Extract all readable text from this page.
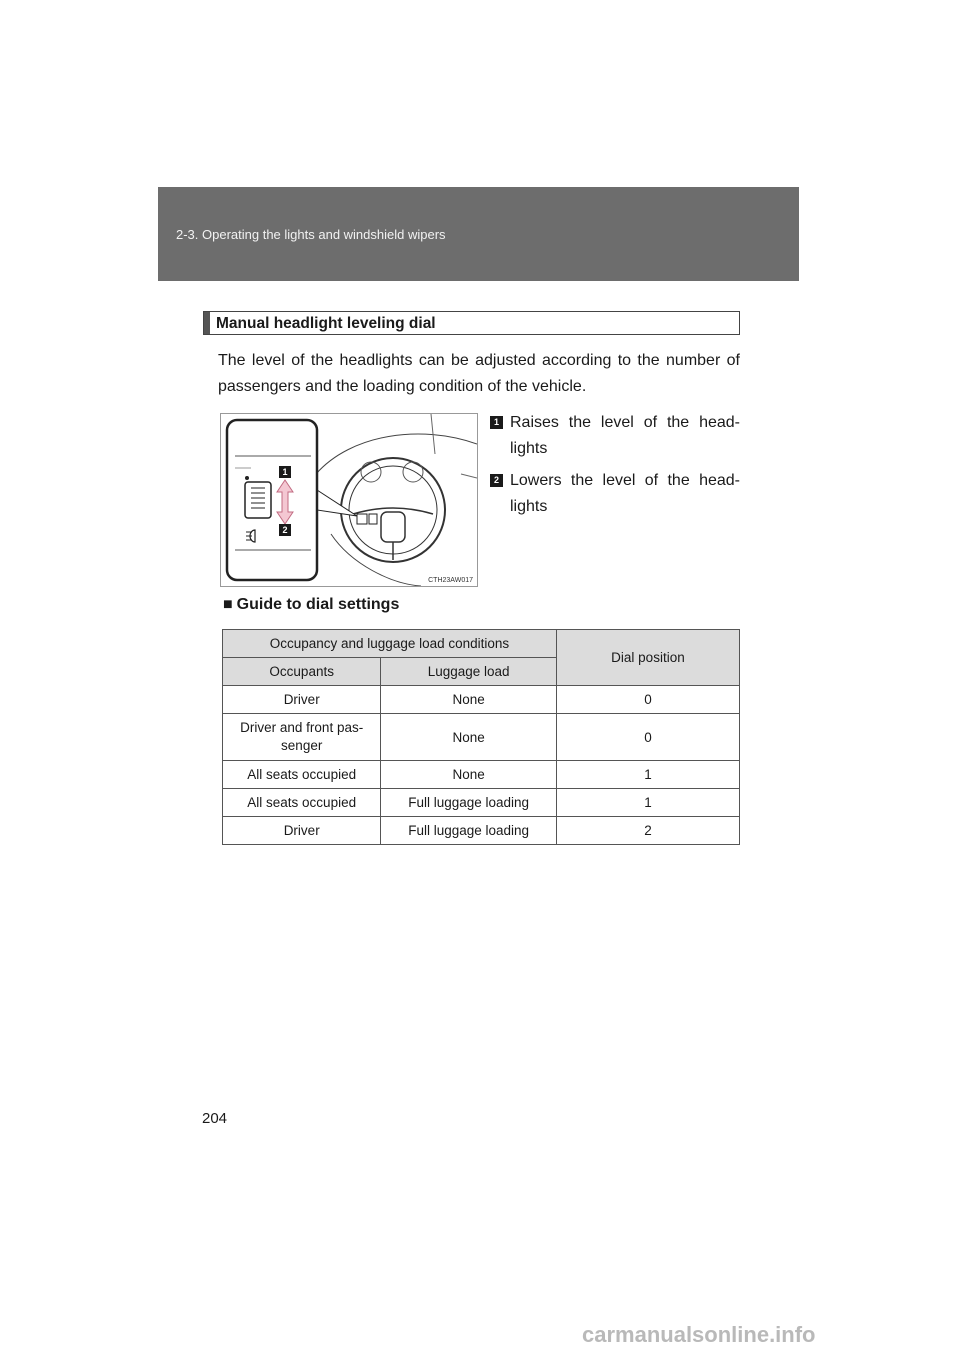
2-3. Operating the lights and windshield wipers
Manual headlight leveling dial
The level of the headlights can be adjusted according to the number of passengers and the loading condition of the vehicle.
1
2
CTH23AW017
1 Raises the level of the head-lights
2 Lowers the level of the head-lights
■ Guide to dial settings
Occupancy and luggage load conditions		Dial position
Occupants	Luggage load	
Driver	None	0
Driver and front pas-senger	None	0
All seats occupied	None	1
All seats occupied	Full luggage loading	1
Driver	Full luggage loading	2
204
carmanualsonline.info
